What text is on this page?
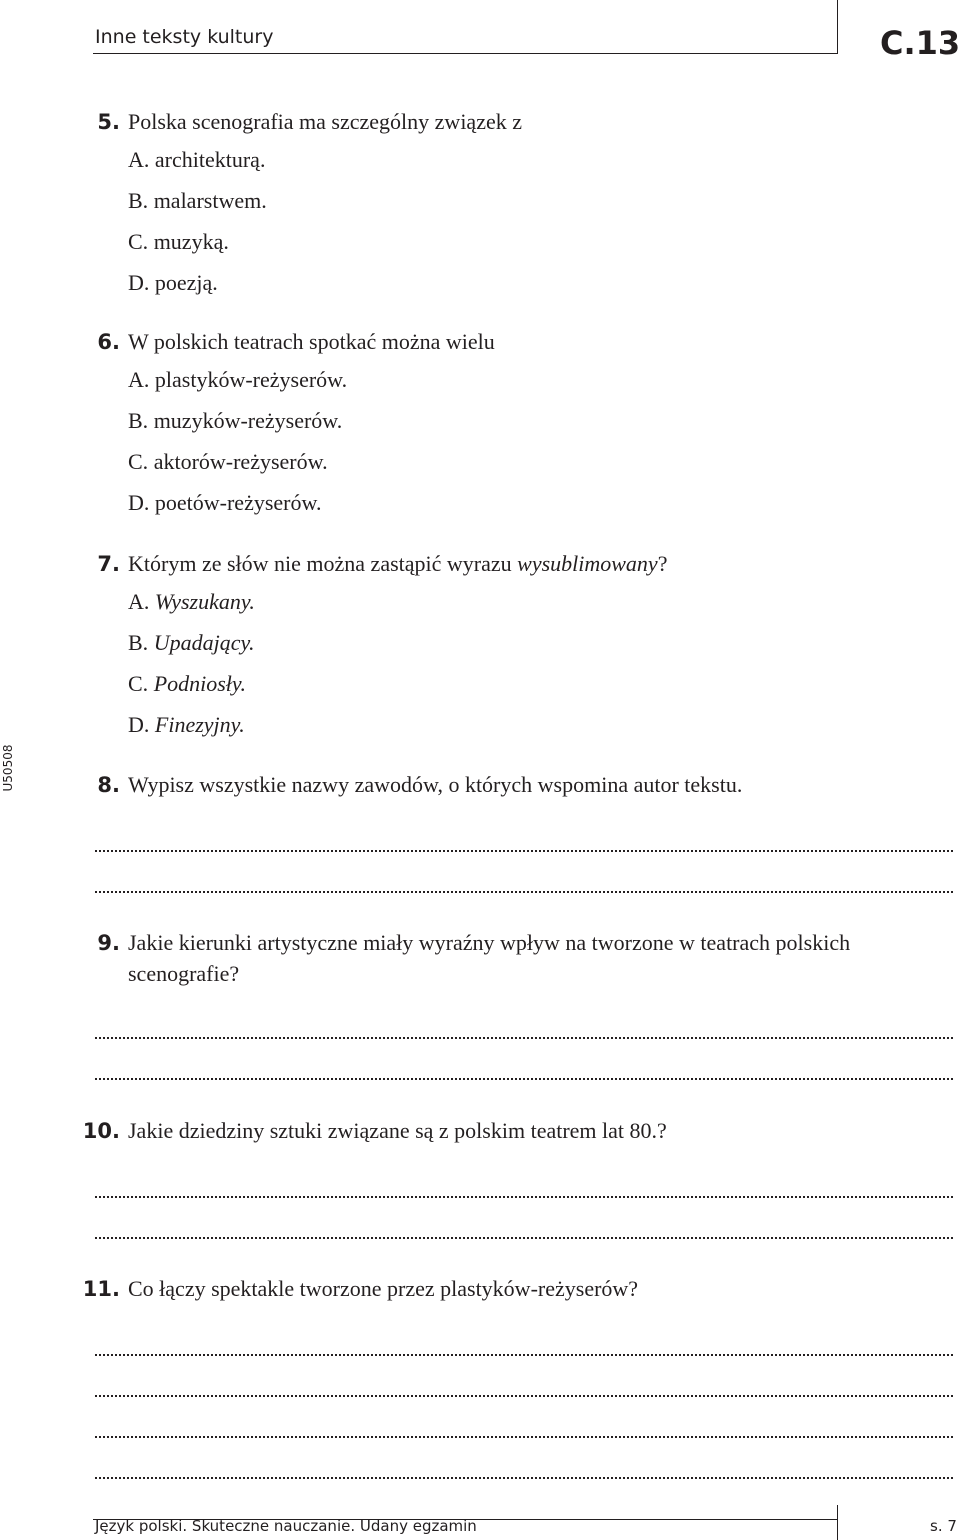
Inne teksty kultury	C.13
U50508
5. Polska scenografia ma szczególny związek z
A. architekturą.
B. malarstwem.
C. muzyką.
D. poezją.
6. W polskich teatrach spotkać można wielu
A. plastyków-reżyserów.
B. muzyków-reżyserów.
C. aktorów-reżyserów.
D. poetów-reżyserów.
7. Którym ze słów nie można zastąpić wyrazu wysublimowany?
A. Wyszukany.
B. Upadający.
C. Podniosły.
D. Finezyjny.
8. Wypisz wszystkie nazwy zawodów, o których wspomina autor tekstu.
9. Jakie kierunki artystyczne miały wyraźny wpływ na tworzone w teatrach polskich scenografie?
10. Jakie dziedziny sztuki związane są z polskim teatrem lat 80.?
11. Co łączy spektakle tworzone przez plastyków-reżyserów?
Język polski. Skuteczne nauczanie. Udany egzamin	s. 7
